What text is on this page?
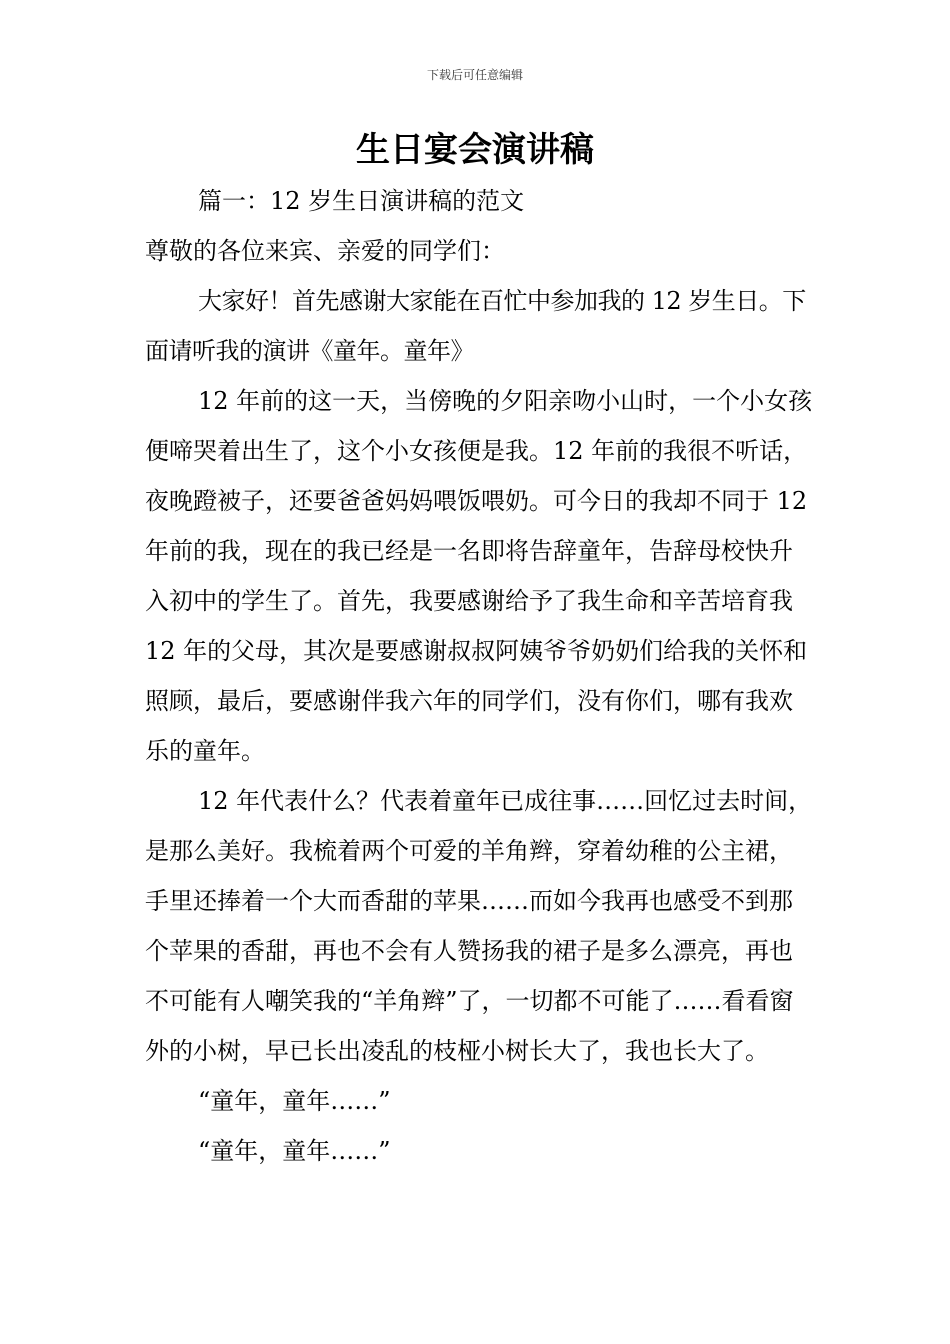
下载后可任意编辑
生日宴会演讲稿

篇一：12 岁生日演讲稿的范文

尊敬的各位来宾、亲爱的同学们：

大家好！首先感谢大家能在百忙中参加我的 12 岁生日。下面请听我的演讲《童年。童年》

12 年前的这一天，当傍晚的夕阳亲吻小山时，一个小女孩便啼哭着出生了，这个小女孩便是我。12 年前的我很不听话，夜晚蹬被子，还要爸爸妈妈喂饭喂奶。可今日的我却不同于 12 年前的我，现在的我已经是一名即将告辞童年，告辞母校快升入初中的学生了。首先，我要感谢给予了我生命和辛苦培育我 12 年的父母，其次是要感谢叔叔阿姨爷爷奶奶们给我的关怀和照顾，最后，要感谢伴我六年的同学们，没有你们，哪有我欢乐的童年。

12 年代表什么？代表着童年已成往事……回忆过去时间，是那么美好。我梳着两个可爱的羊角辫，穿着幼稚的公主裙，手里还捧着一个大而香甜的苹果……而如今我再也感受不到那个苹果的香甜，再也不会有人赞扬我的裙子是多么漂亮，再也不可能有人嘲笑我的“羊角辫”了，一切都不可能了……看看窗外的小树，早已长出凌乱的枝桠小树长大了，我也长大了。

“童年，童年……”

“童年，童年……”
